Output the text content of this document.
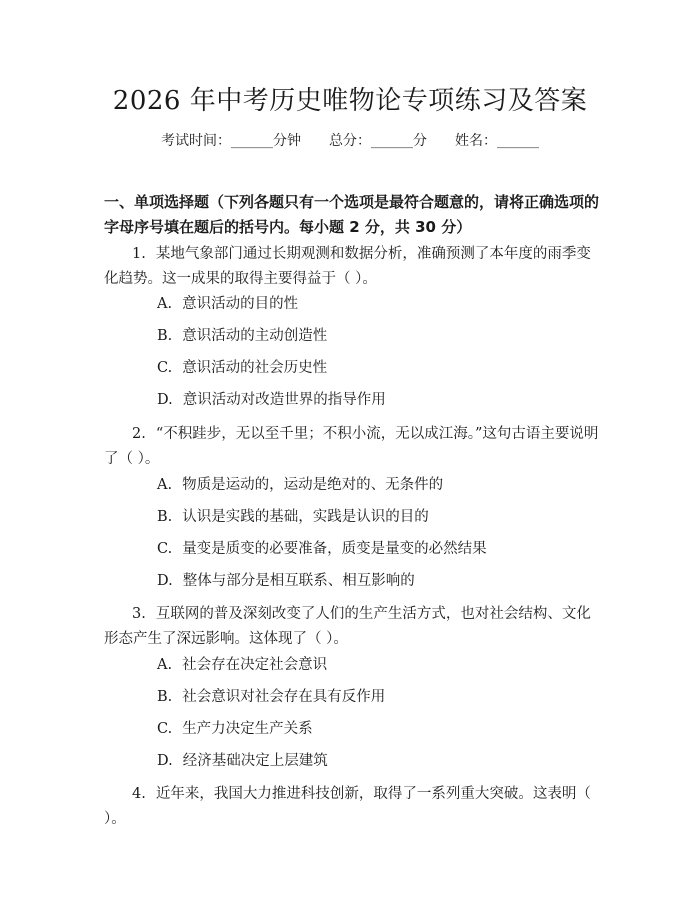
2026 年中考历史唯物论专项练习及答案
考试时间：______分钟 总分：______分 姓名：______
一、单项选择题（下列各题只有一个选项是最符合题意的，请将正确选项的字母序号填在题后的括号内。每小题 2 分，共 30 分）
1. 某地气象部门通过长期观测和数据分析，准确预测了本年度的雨季变化趋势。这一成果的取得主要得益于（ ）。
A. 意识活动的目的性
B. 意识活动的主动创造性
C. 意识活动的社会历史性
D. 意识活动对改造世界的指导作用
2. “不积跬步，无以至千里；不积小流，无以成江海。”这句古语主要说明了（ ）。
A. 物质是运动的，运动是绝对的、无条件的
B. 认识是实践的基础，实践是认识的目的
C. 量变是质变的必要准备，质变是量变的必然结果
D. 整体与部分是相互联系、相互影响的
3. 互联网的普及深刻改变了人们的生产生活方式，也对社会结构、文化形态产生了深远影响。这体现了（ ）。
A. 社会存在决定社会意识
B. 社会意识对社会存在具有反作用
C. 生产力决定生产关系
D. 经济基础决定上层建筑
4. 近年来，我国大力推进科技创新，取得了一系列重大突破。这表明（ ）。
